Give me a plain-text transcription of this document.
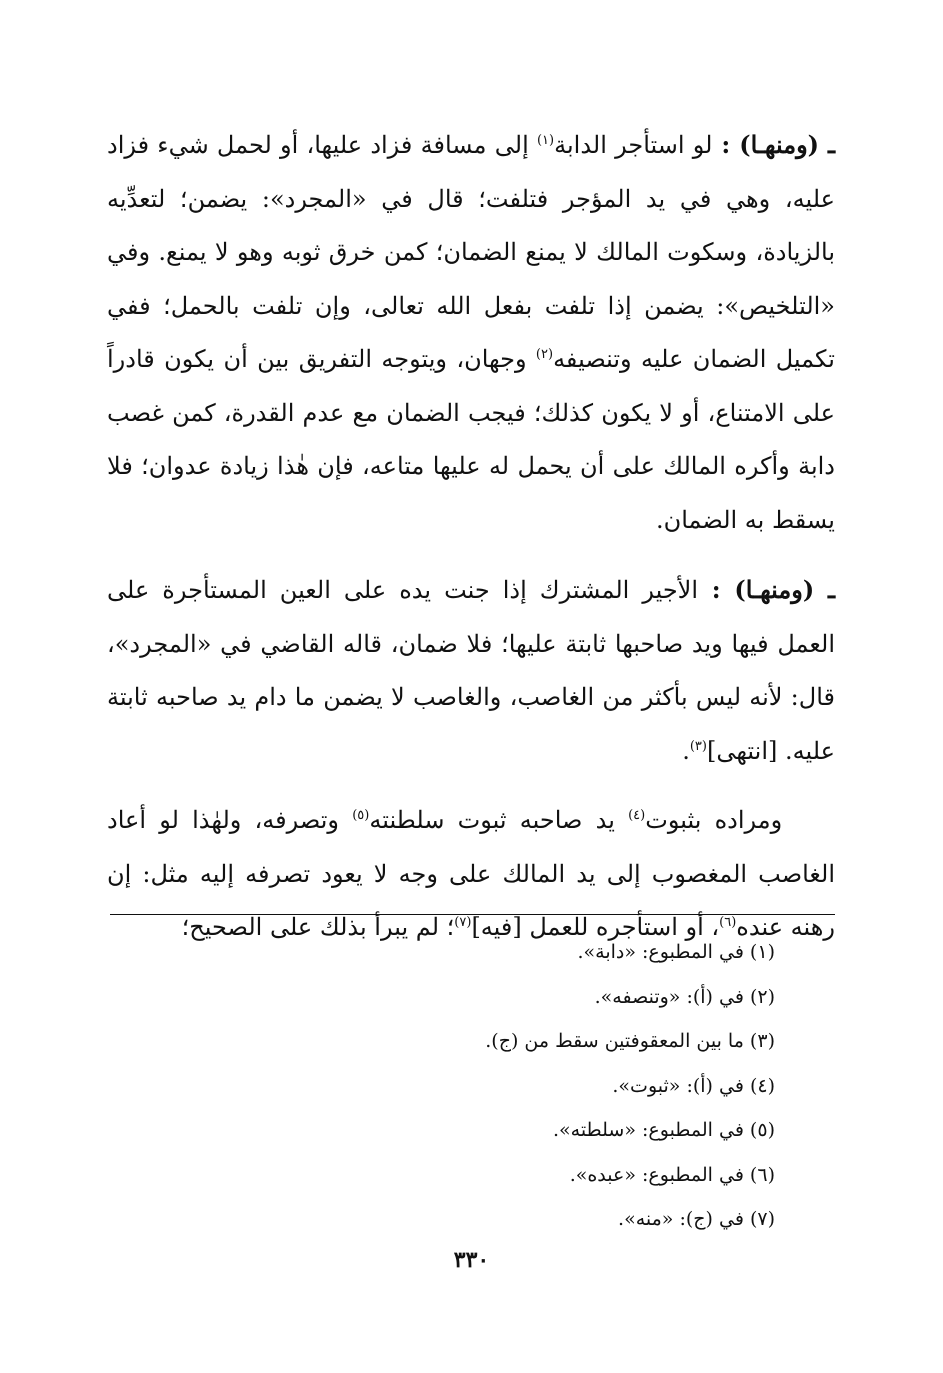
ـ (ومنهـا) : لو استأجر الدابة$^{(١)}$ إلى مسافة فزاد عليها، أو لحمل شيء فزاد عليه، وهي في يد المؤجر فتلفت؛ قال في «المجرد»: يضمن؛ لتعدِّيه بالزيادة، وسكوت المالك لا يمنع الضمان؛ كمن خرق ثوبه وهو لا يمنع. وفي «التلخيص»: يضمن إذا تلفت بفعل الله تعالى، وإن تلفت بالحمل؛ ففي تكميل الضمان عليه وتنصيفه$^{(٢)}$ وجهان، ويتوجه التفريق بين أن يكون قادراً على الامتناع، أو لا يكون كذلك؛ فيجب الضمان مع عدم القدرة، كمن غصب دابة وأكره المالك على أن يحمل له عليها متاعه، فإن هٰذا زيادة عدوان؛ فلا يسقط به الضمان.

ـ (ومنهـا) : الأجير المشترك إذا جنت يده على العين المستأجرة على العمل فيها ويد صاحبها ثابتة عليها؛ فلا ضمان، قاله القاضي في «المجرد»، قال: لأنه ليس بأكثر من الغاصب، والغاصب لا يضمن ما دام يد صاحبه ثابتة عليه. [انتهى]$^{(٣)}$.

ومراده بثبوت$^{(٤)}$ يد صاحبه ثبوت سلطنته$^{(٥)}$ وتصرفه، ولهٰذا لو أعاد الغاصب المغصوب إلى يد المالك على وجه لا يعود تصرفه إليه مثل: إن رهنه عنده$^{(٦)}$، أو استأجره للعمل [فيه]$^{(٧)}$؛ لم يبرأ بذلك على الصحيح؛

(١) في المطبوع: «دابة».
(٢) في (أ): «وتنصفه».
(٣) ما بين المعقوفتين سقط من (ج).
(٤) في (أ): «ثبوت».
(٥) في المطبوع: «سلطته».
(٦) في المطبوع: «عبده».
(٧) في (ج): «منه».
٣٣٠
